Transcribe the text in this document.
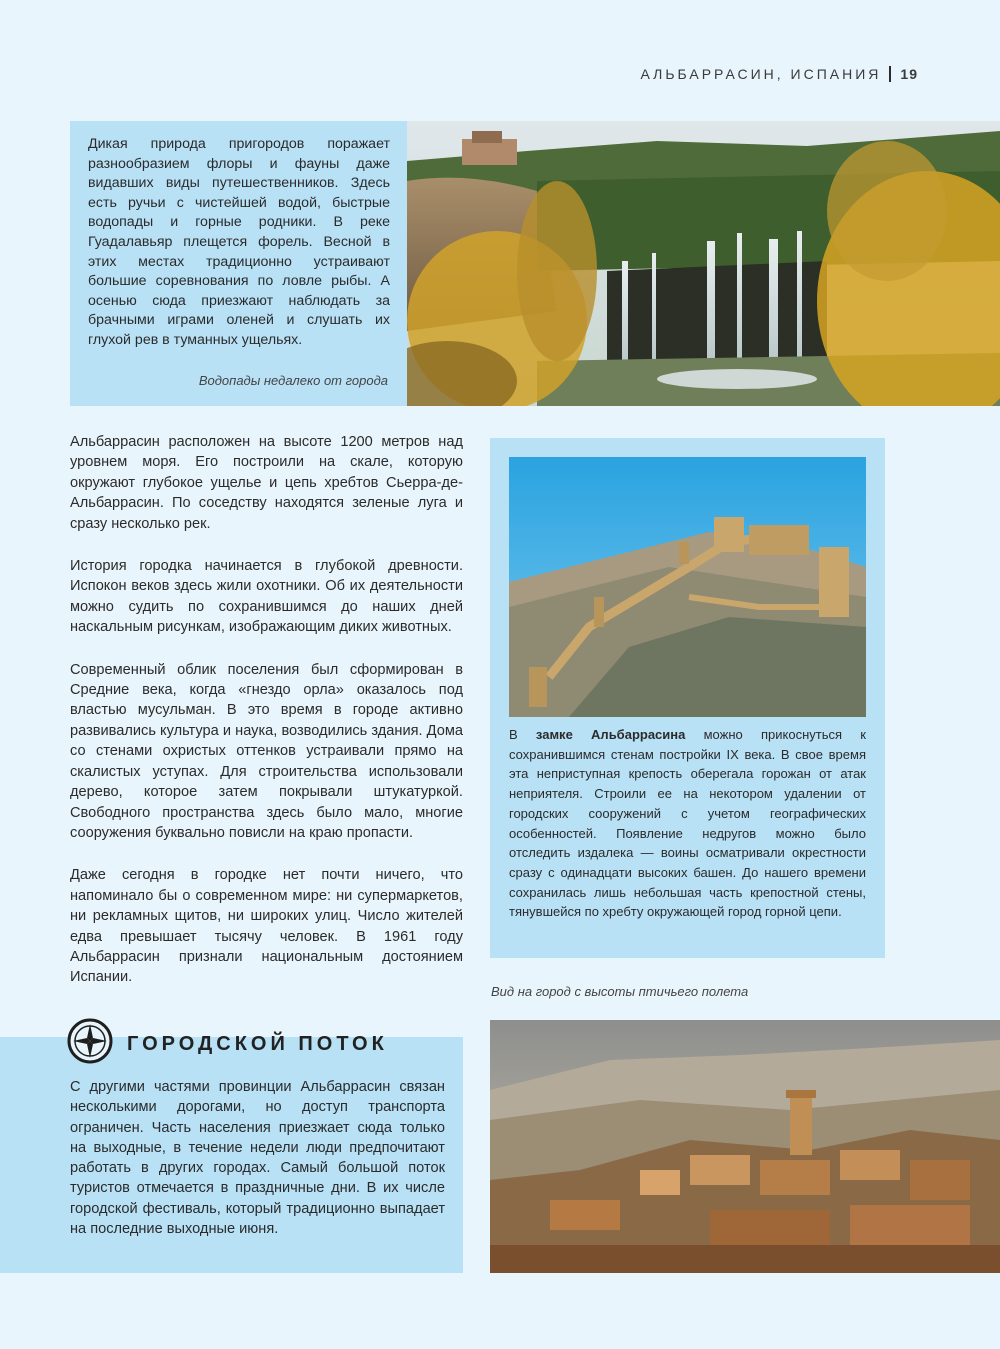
АЛЬБАРРАСИН, ИСПАНИЯ 19
Дикая природа пригородов поражает разнообразием флоры и фауны даже видавших виды путешественников. Здесь есть ручьи с чистейшей водой, быстрые водопады и горные родники. В реке Гуадалавьяр плещется форель. Весной в этих местах традиционно устраивают большие соревнования по ловле рыбы. А осенью сюда приезжают наблюдать за брачными играми оленей и слушать их глухой рев в туманных ущельях.
Водопады недалеко от города

Альбаррасин расположен на высоте 1200 метров над уровнем моря. Его построили на скале, которую окружают глубокое ущелье и цепь хребтов Сьерра-де-Альбаррасин. По соседству находятся зеленые луга и сразу несколько рек.

История городка начинается в глубокой древности. Испокон веков здесь жили охотники. Об их деятельности можно судить по сохранившимся до наших дней наскальным рисункам, изображающим диких животных.

Современный облик поселения был сформирован в Средние века, когда «гнездо орла» оказалось под властью мусульман. В это время в городе активно развивались культура и наука, возводились здания. Дома со стенами охристых оттенков устраивали прямо на скалистых уступах. Для строительства использовали дерево, которое затем покрывали штукатуркой. Свободного пространства здесь было мало, многие сооружения буквально повисли на краю пропасти.

Даже сегодня в городке нет почти ничего, что напоминало бы о современном мире: ни супермаркетов, ни рекламных щитов, ни широких улиц. Число жителей едва превышает тысячу человек. В 1961 году Альбаррасин признали национальным достоянием Испании.

В замке Альбаррасина можно прикоснуться к сохранившимся стенам постройки IX века. В свое время эта неприступная крепость оберегала горожан от атак неприятеля. Строили ее на некотором удалении от городских сооружений с учетом географических особенностей. Появление недругов можно было отследить издалека — воины осматривали окрестности сразу с одинадцати высоких башен. До нашего времени сохранилась лишь небольшая часть крепостной стены, тянувшейся по хребту окружающей город горной цепи.
Вид на город с высоты птичьего полета
ГОРОДСКОЙ ПОТОК
С другими частями провинции Альбаррасин связан несколькими дорогами, но доступ транспорта ограничен. Часть населения приезжает сюда только на выходные, в течение недели люди предпочитают работать в других городах. Самый большой поток туристов отмечается в праздничные дни. В их числе городской фестиваль, который традиционно выпадает на последние выходные июня.
